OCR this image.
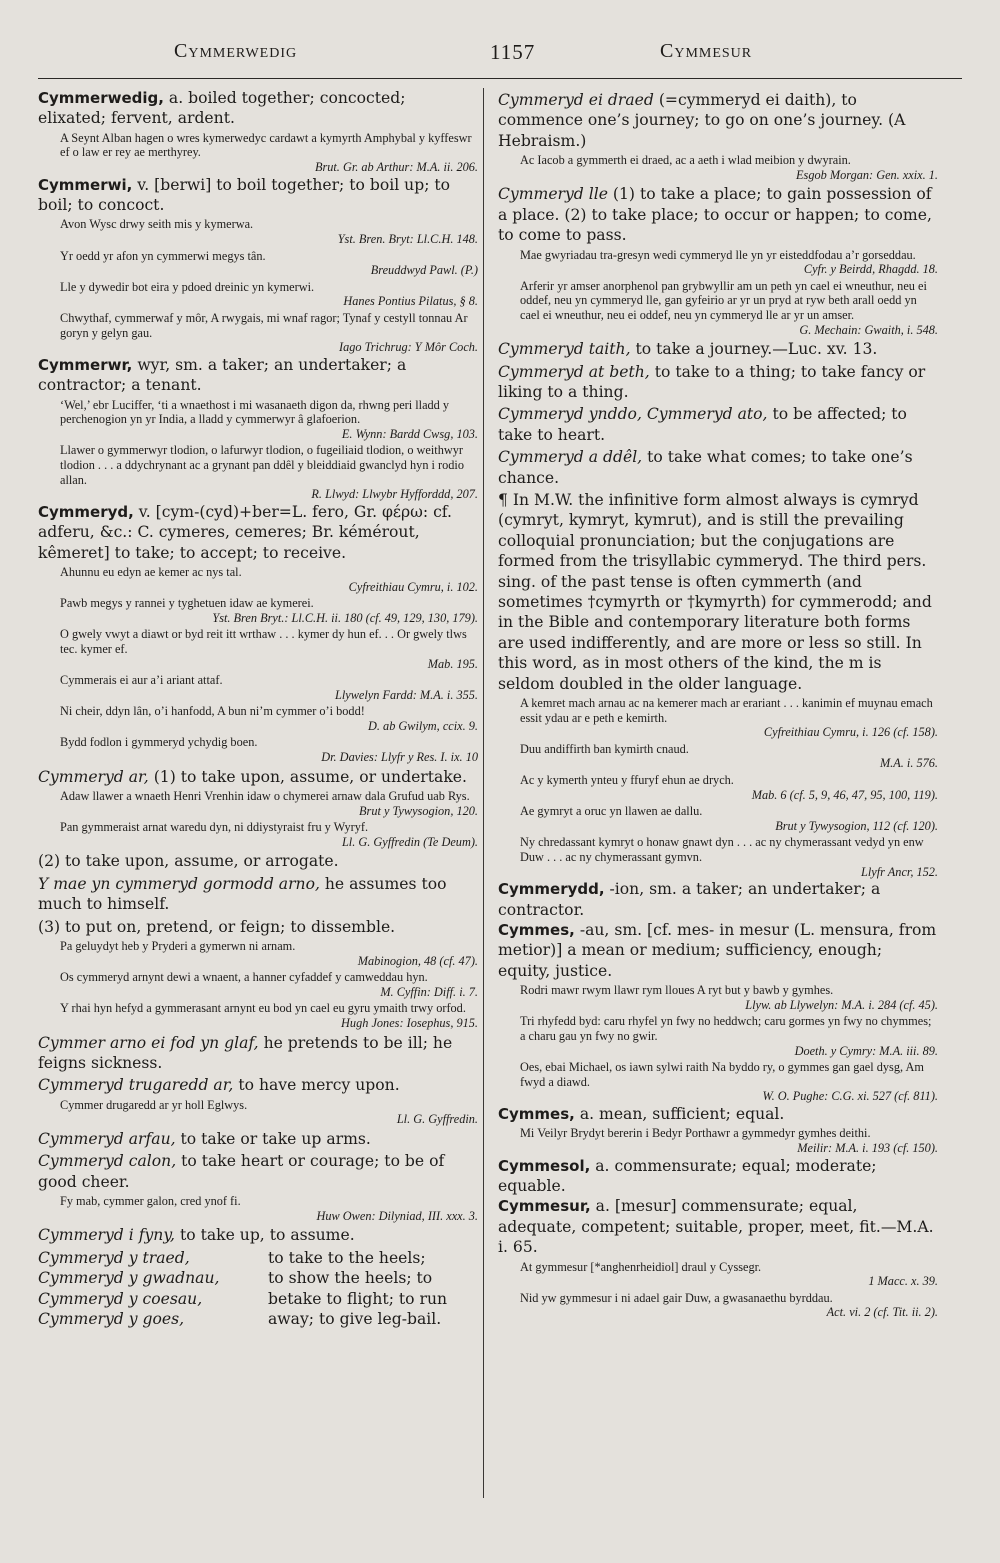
Cymmerwedig	1157	Cymmesur

Cymmerwedig, a. boiled together; concocted; elixated; fervent, ardent.

A Seynt Alban hagen o wres kymerwedyc cardawt a kymyrth Amphybal y kyffeswr ef o law er rey ae merthyrey.
Brut. Gr. ab Arthur: M.A. ii. 206.

Cymmerwi, v. [berwi] to boil together; to boil up; to boil; to concoct.

Avon Wysc drwy seith mis y kymerwa.
Yst. Bren. Bryt: Ll.C.H. 148.
Yr oedd yr afon yn cymmerwi megys tân.
Breuddwyd Pawl. (P.)
Lle y dywedir bot eira y pdoed dreinic yn kymerwi.
Hanes Pontius Pilatus, § 8.
Chwythaf, cymmerwaf y môr, A rwygais, mi wnaf ragor; Tynaf y cestyll tonnau Ar goryn y gelyn gau.
Iago Trichrug: Y Môr Coch.

Cymmerwr, wyr, sm. a taker; an undertaker; a contractor; a tenant.

‘Wel,’ ebr Luciffer, ‘ti a wnaethost i mi wasanaeth digon da, rhwng peri lladd y perchenogion yn yr India, a lladd y cymmerwyr â glafoerion.
E. Wynn: Bardd Cwsg, 103.
Llawer o gymmerwyr tlodion, o lafurwyr tlodion, o fugeiliaid tlodion, o weithwyr tlodion . . . a ddychrynant ac a grynant pan ddêl y bleiddiaid gwanclyd hyn i rodio allan.
R. Llwyd: Llwybr Hyfforddd, 207.

Cymmeryd, v. [cym-(cyd)+ber=L. fero, Gr. φέρω: cf. adferu, &c.: C. cymeres, cemeres; Br. kémérout, kêmeret] to take; to accept; to receive.

Ahunnu eu edyn ae kemer ac nys tal.
Cyfreithiau Cymru, i. 102.
Pawb megys y rannei y tyghetuen idaw ae kymerei.
Yst. Bren Bryt.: Ll.C.H. ii. 180 (cf. 49, 129, 130, 179).
O gwely vwyt a diawt or byd reit itt wrthaw . . . kymer dy hun ef. . . Or gwely tlws tec. kymer ef.
Mab. 195.
Cymmerais ei aur a’i ariant attaf.
Llywelyn Fardd: M.A. i. 355.
Ni cheir, ddyn lân, o’i hanfodd, A bun ni’m cymmer o’i bodd!
D. ab Gwilym, ccix. 9.
Bydd fodlon i gymmeryd ychydig boen.
Dr. Davies: Llyfr y Res. I. ix. 10

Cymmeryd ar, (1) to take upon, assume, or undertake.

Adaw llawer a wnaeth Henri Vrenhin idaw o chymerei arnaw dala Grufud uab Rys.
Brut y Tywysogion, 120.
Pan gymmeraist arnat waredu dyn, ni ddiystyraist fru y Wyryf.
Ll. G. Gyffredin (Te Deum).

(2) to take upon, assume, or arrogate.

Y mae yn cymmeryd gormodd arno, he assumes too much to himself.

(3) to put on, pretend, or feign; to dissemble.

Pa geluydyt heb y Pryderi a gymerwn ni arnam.
Mabinogion, 48 (cf. 47).
Os cymmeryd arnynt dewi a wnaent, a hanner cyfaddef y camweddau hyn.
M. Cyffin: Diff. i. 7.
Y rhai hyn hefyd a gymmerasant arnynt eu bod yn cael eu gyru ymaith trwy orfod.
Hugh Jones: Iosephus, 915.

Cymmer arno ei fod yn glaf, he pretends to be ill; he feigns sickness.

Cymmeryd trugaredd ar, to have mercy upon.

Cymmer drugaredd ar yr holl Eglwys.
Ll. G. Gyffredin.

Cymmeryd arfau, to take or take up arms.

Cymmeryd calon, to take heart or courage; to be of good cheer.

Fy mab, cymmer galon, cred ynof fi.
Huw Owen: Dilyniad, III. xxx. 3.

Cymmeryd i fyny, to take up, to assume.

Cymmeryd y traed,
Cymmeryd y gwadnau,
Cymmeryd y coesau,
Cymmeryd y goes,
to take to the heels;
to show the heels; to
betake to flight; to run
away; to give leg-bail.

Cymmeryd ei draed (=cymmeryd ei daith), to commence one’s journey; to go on one’s journey. (A Hebraism.)

Ac Iacob a gymmerth ei draed, ac a aeth i wlad meibion y dwyrain.
Esgob Morgan: Gen. xxix. 1.

Cymmeryd lle (1) to take a place; to gain possession of a place. (2) to take place; to occur or happen; to come, to come to pass.

Mae gwyriadau tra-gresyn wedi cymmeryd lle yn yr eisteddfodau a’r gorseddau.
Cyfr. y Beirdd, Rhagdd. 18.
Arferir yr amser anorphenol pan grybwyllir am un peth yn cael ei wneuthur, neu ei oddef, neu yn cymmeryd lle, gan gyfeirio ar yr un pryd at ryw beth arall oedd yn cael ei wneuthur, neu ei oddef, neu yn cymmeryd lle ar yr un amser.
G. Mechain: Gwaith, i. 548.

Cymmeryd taith, to take a journey.—Luc. xv. 13.

Cymmeryd at beth, to take to a thing; to take fancy or liking to a thing.

Cymmeryd ynddo, Cymmeryd ato, to be affected; to take to heart.

Cymmeryd a ddêl, to take what comes; to take one’s chance.

¶ In M.W. the infinitive form almost always is cymryd (cymryt, kymryt, kymrut), and is still the prevailing colloquial pronunciation; but the conjugations are formed from the trisyllabic cymmeryd. The third pers. sing. of the past tense is often cymmerth (and sometimes †cymyrth or †kymyrth) for cymmerodd; and in the Bible and contemporary literature both forms are used indifferently, and are more or less so still. In this word, as in most others of the kind, the m is seldom doubled in the older language.

A kemret mach arnau ac na kemerer mach ar erariant . . . kanimin ef muynau emach essit ydau ar e peth e kemirth.
Cyfreithiau Cymru, i. 126 (cf. 158).
Duu andiffirth ban kymirth cnaud.
M.A. i. 576.
Ac y kymerth ynteu y ffuryf ehun ae drych.
Mab. 6 (cf. 5, 9, 46, 47, 95, 100, 119).
Ae gymryt a oruc yn llawen ae dallu.
Brut y Tywysogion, 112 (cf. 120).
Ny chredassant kymryt o honaw gnawt dyn . . . ac ny chymerassant vedyd yn enw Duw . . . ac ny chymerassant gymvn.
Llyfr Ancr, 152.

Cymmerydd, -ion, sm. a taker; an undertaker; a contractor.

Cymmes, -au, sm. [cf. mes- in mesur (L. mensura, from metior)] a mean or medium; sufficiency, enough; equity, justice.

Rodri mawr rwym llawr rym lloues A ryt but y bawb y gymhes.
Llyw. ab Llywelyn: M.A. i. 284 (cf. 45).
Tri rhyfedd byd: caru rhyfel yn fwy no heddwch; caru gormes yn fwy no chymmes; a charu gau yn fwy no gwir.
Doeth. y Cymry: M.A. iii. 89.
Oes, ebai Michael, os iawn sylwi raith Na byddo ry, o gymmes gan gael dysg, Am fwyd a diawd.
W. O. Pughe: C.G. xi. 527 (cf. 811).

Cymmes, a. mean, sufficient; equal.

Mi Veilyr Brydyt bererin i Bedyr Porthawr a gymmedyr gymhes deithi.
Meilir: M.A. i. 193 (cf. 150).

Cymmesol, a. commensurate; equal; moderate; equable.

Cymmesur, a. [mesur] commensurate; equal, adequate, competent; suitable, proper, meet, fit.—M.A. i. 65.

At gymmesur [*anghenrheidiol] draul y Cyssegr.
1 Macc. x. 39.
Nid yw gymmesur i ni adael gair Duw, a gwasanaethu byrddau.
Act. vi. 2 (cf. Tit. ii. 2).
